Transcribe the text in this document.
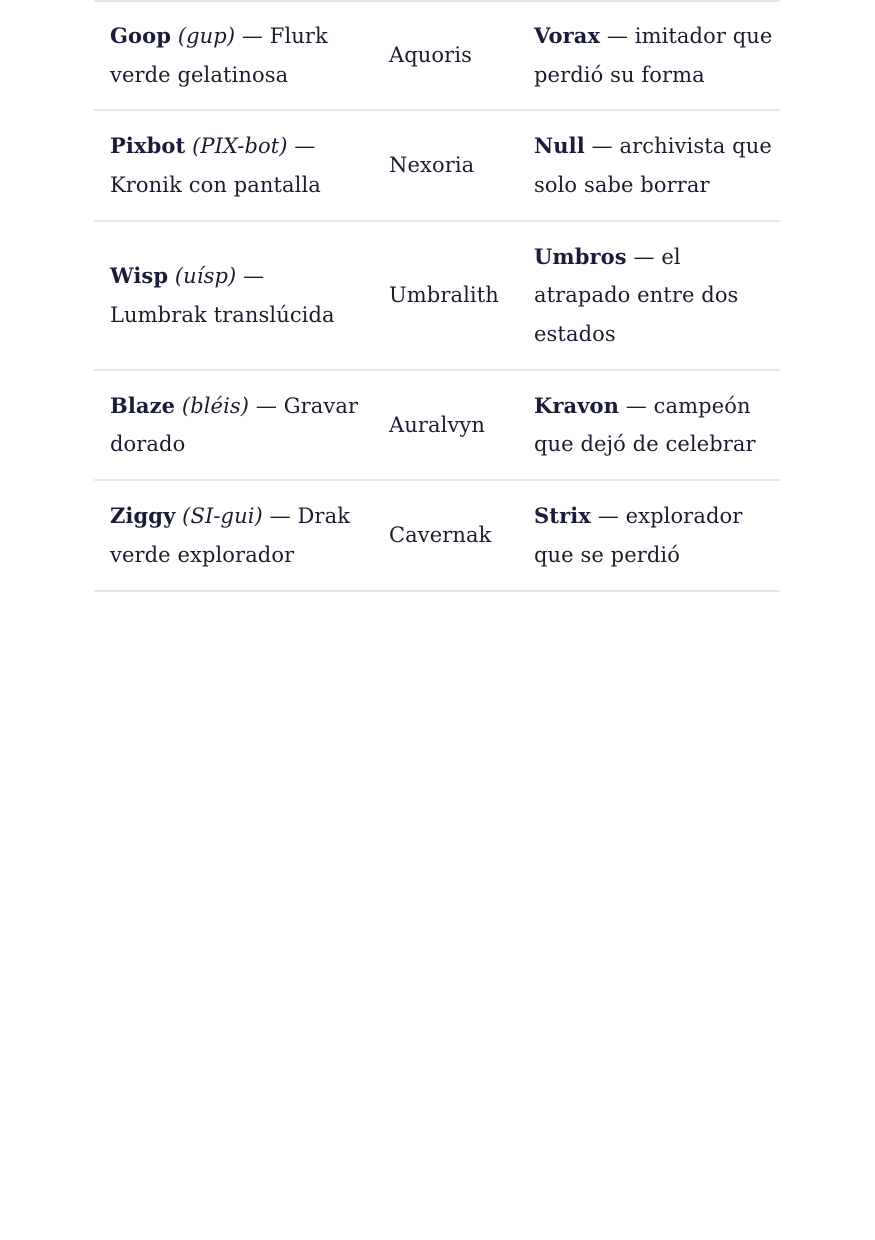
Goop (gup) — Flurk verde gelatinosa
Aquoris
Vorax — imitador que perdió su forma
Pixbot (PIX-bot) — Kronik con pantalla
Nexoria
Null — archivista que solo sabe borrar
Wisp (uísp) — Lumbrak translúcida
Umbralith
Umbros — el atrapado entre dos estados
Blaze (bléis) — Gravar dorado
Auralvyn
Kravon — campeón que dejó de celebrar
Ziggy (SI-gui) — Drak verde explorador
Cavernak
Strix — explorador que se perdió
